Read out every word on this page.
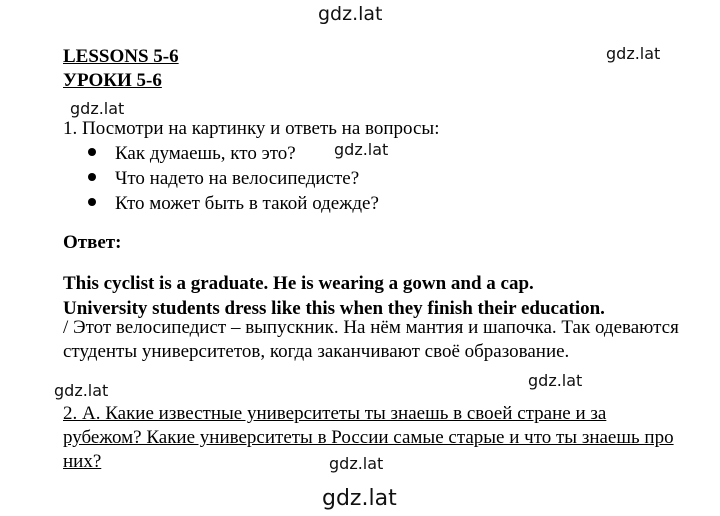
gdz.lat
gdz.lat
gdz.lat
gdz.lat
LESSONS 5-6
УРОКИ 5-6
1. Посмотри на картинку и ответь на вопросы:
Как думаешь, кто это?
Что надето на велосипедисте?
Кто может быть в такой одежде?
Ответ:
This cyclist is a graduate. He is wearing a gown and a cap.
University students dress like this when they finish their education.
/ Этот велосипедист – выпускник. На нём мантия и шапочка. Так одеваются студенты университетов, когда заканчивают своё образование.
gdz.lat
gdz.lat
2. А. Какие известные университеты ты знаешь в своей стране и за рубежом? Какие университеты в России самые старые и что ты знаешь про них?	gdz.lat
gdz.lat
